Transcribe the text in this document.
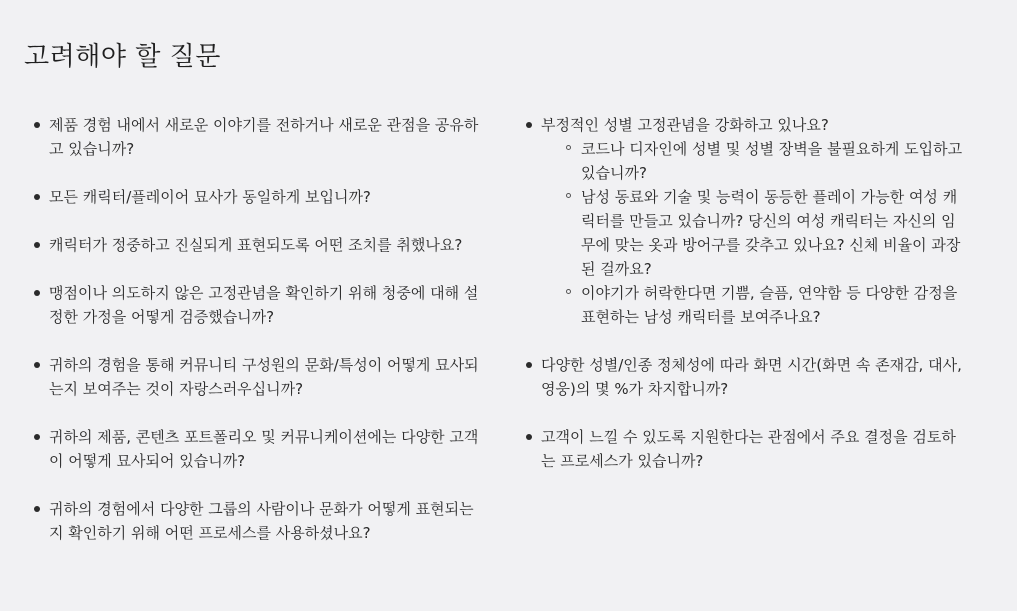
고려해야 할 질문
제품 경험 내에서 새로운 이야기를 전하거나 새로운 관점을 공유하고 있습니까?
모든 캐릭터/플레이어 묘사가 동일하게 보입니까?
캐릭터가 정중하고 진실되게 표현되도록 어떤 조치를 취했나요?
맹점이나 의도하지 않은 고정관념을 확인하기 위해 청중에 대해 설정한 가정을 어떻게 검증했습니까?
귀하의 경험을 통해 커뮤니티 구성원의 문화/특성이 어떻게 묘사되는지 보여주는 것이 자랑스러우십니까?
귀하의 제품, 콘텐츠 포트폴리오 및 커뮤니케이션에는 다양한 고객이 어떻게 묘사되어 있습니까?
귀하의 경험에서 다양한 그룹의 사람이나 문화가 어떻게 표현되는지 확인하기 위해 어떤 프로세스를 사용하셨나요?
부정적인 성별 고정관념을 강화하고 있나요?
코드나 디자인에 성별 및 성별 장벽을 불필요하게 도입하고 있습니까?
남성 동료와 기술 및 능력이 동등한 플레이 가능한 여성 캐릭터를 만들고 있습니까? 당신의 여성 캐릭터는 자신의 임무에 맞는 옷과 방어구를 갖추고 있나요? 신체 비율이 과장된 걸까요?
이야기가 허락한다면 기쁨, 슬픔, 연약함 등 다양한 감정을 표현하는 남성 캐릭터를 보여주나요?
다양한 성별/인종 정체성에 따라 화면 시간(화면 속 존재감, 대사, 영웅)의 몇 %가 차지합니까?
고객이 느낄 수 있도록 지원한다는 관점에서 주요 결정을 검토하는 프로세스가 있습니까?
